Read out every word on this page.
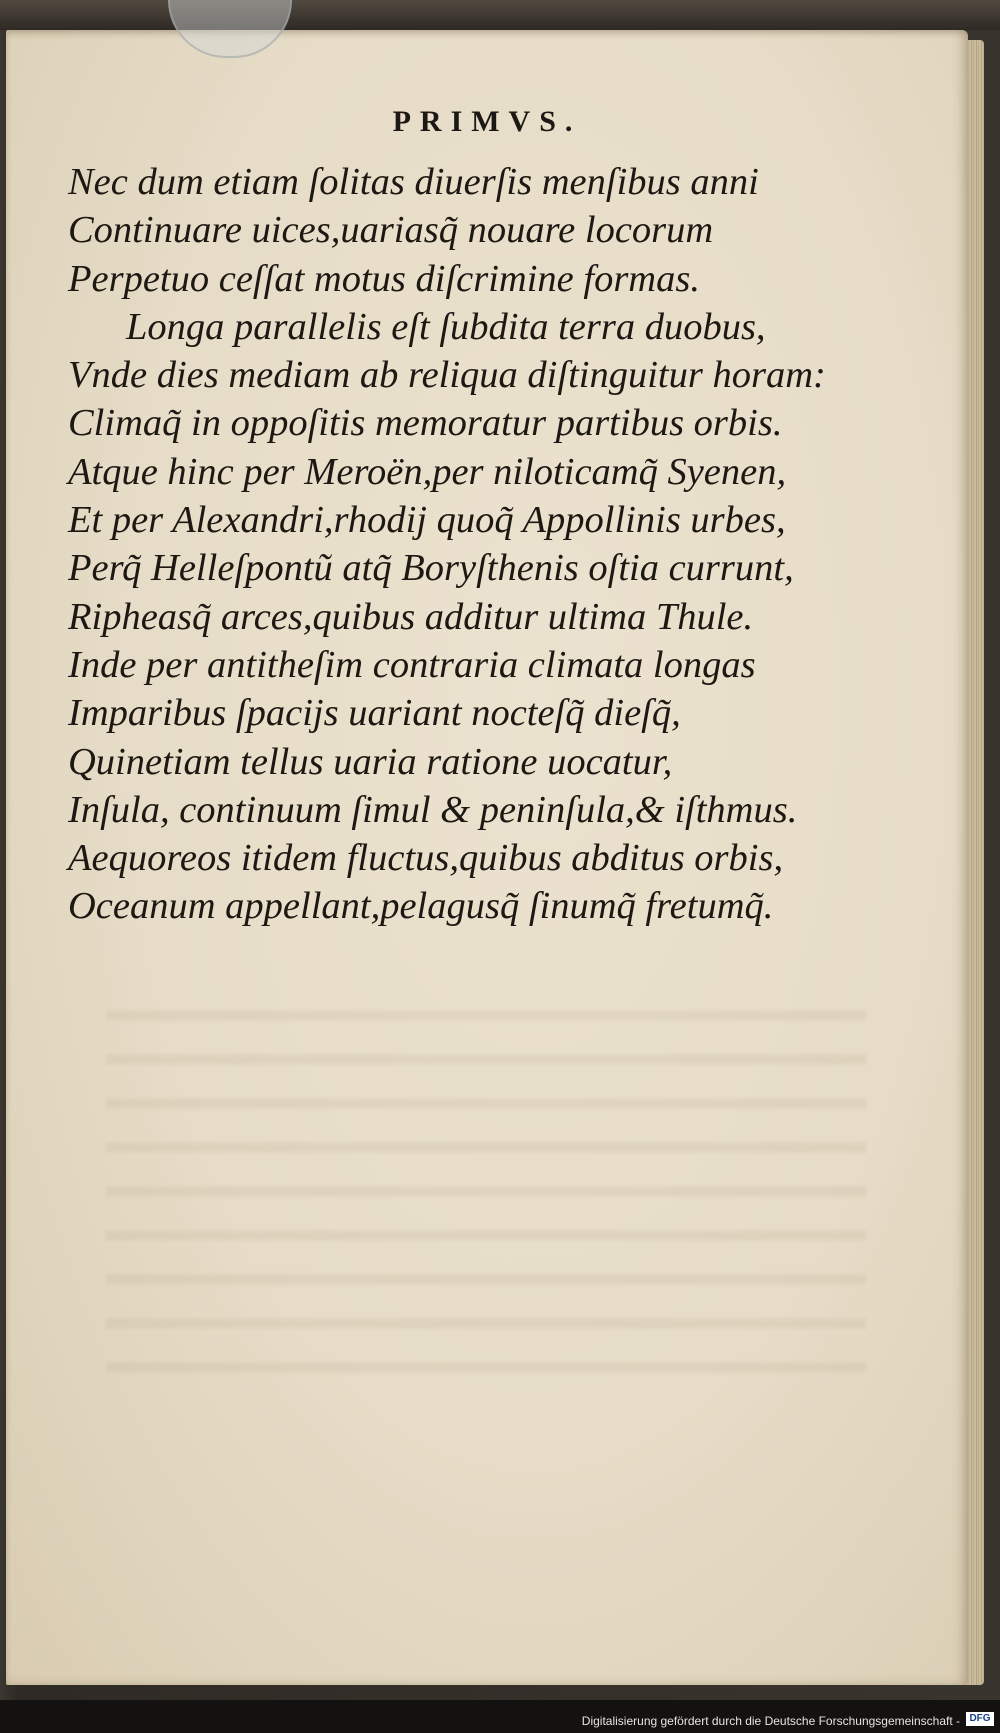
PRIMVS.
Nec dum etiam ſolitas diuerſis menſibus anni
Continuare uices,uariasq̃ nouare locorum
Perpetuo ceſſat motus diſcrimine formas.
Longa parallelis eſt ſubdita terra duobus,
Vnde dies mediam ab reliqua diſtinguitur horam:
Climaq̃ in oppoſitis memoratur partibus orbis.
Atque hinc per Meroën,per niloticamq̃ Syenen,
Et per Alexandri,rhodij quoq̃ Appollinis urbes,
Perq̃ Helleſpontũ atq̃ Boryſthenis oſtia currunt,
Ripheasq̃ arces,quibus additur ultima Thule.
Inde per antitheſim contraria climata longas
Imparibus ſpacijs uariant nocteſq̃ dieſq̃,
Quinetiam tellus uaria ratione uocatur,
Inſula, continuum ſimul & peninſula,& iſthmus.
Aequoreos itidem fluctus,quibus abditus orbis,
Oceanum appellant,pelagusq̃ ſinumq̃ fretumq̃.
Digitalisierung gefördert durch die Deutsche Forschungsgemeinschaft - DFG
